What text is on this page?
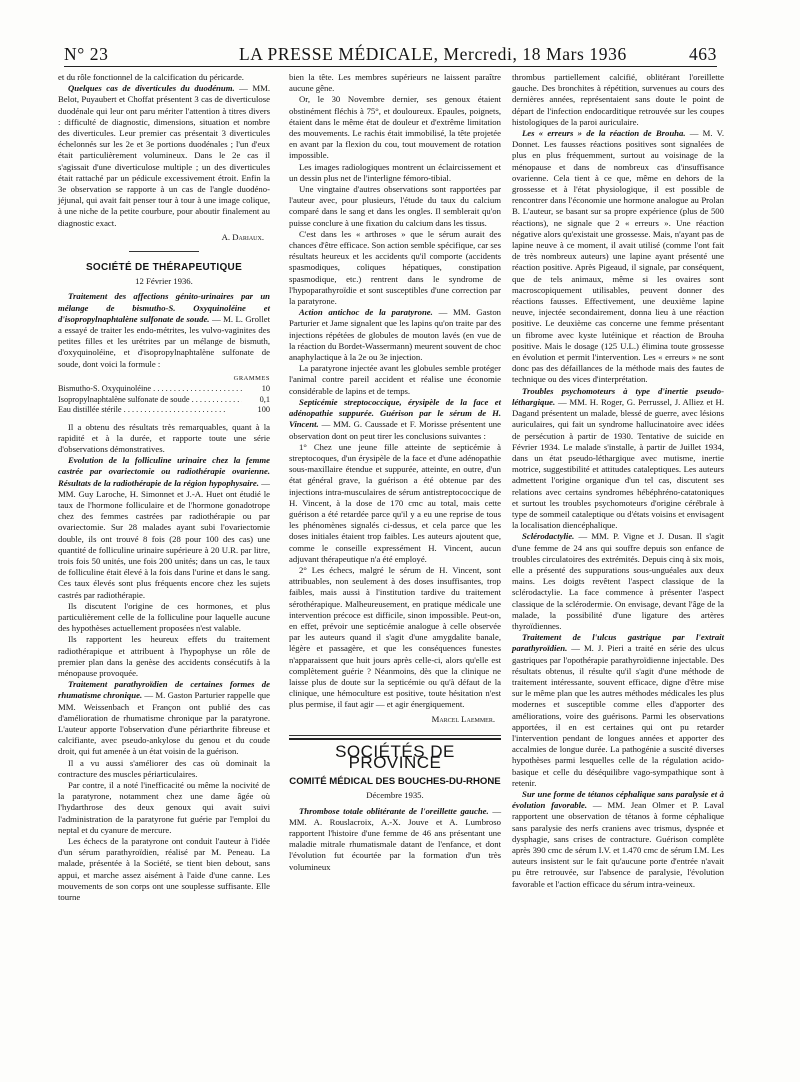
N° 23	LA PRESSE MÉDICALE, Mercredi, 18 Mars 1936	463

et du rôle fonctionnel de la calcification du péricarde.

Quelques cas de diverticules du duodénum. — MM. Belot, Puyaubert et Choffat présentent 3 cas de diverticulose duodénale qui leur ont paru mériter l'attention à titres divers : difficulté de diagnostic, dimensions, situation et nombre des diverticules. Leur premier cas présentait 3 diverticules échelonnés sur les 2e et 3e portions duodénales ; l'un d'eux était particulièrement volumineux. Dans le 2e cas il s'agissait d'une diverticulose multiple ; un des diverticules était rattaché par un pédicule excessivement étroit. Enfin la 3e observation se rapporte à un cas de l'angle duodéno-jéjunal, qui avait fait penser tour à tour à une image colique, à une niche de la petite courbure, pour aboutir finalement au diagnostic exact.

A. Dariaux.
SOCIÉTÉ DE THÉRAPEUTIQUE
12 Février 1936.

Traitement des affections génito-urinaires par un mélange de bismutho-S. Oxyquinoléine et d'isopropylnaphtalène sulfonate de soude. — M. L. Grollet a essayé de traiter les endo-métrites, les vulvo-vaginites des petites filles et les urétrites par un mélange de bismuth, d'oxyquinoléine, et d'isopropylnaphtalène sulfonate de soude, dont voici la formule :

GRAMMES
Bismutho-S. Oxyquinoléine . . .	10
Isopropylnaphtalène sulfonate de soude . . .	0,1
Eau distillée stérile . . .	100

Il a obtenu des résultats très remarquables, quant à la rapidité et à la durée, et rapporte toute une série d'observations démonstratives.

Evolution de la folliculine urinaire chez la femme castrée par ovariectomie ou radiothérapie ovarienne. Résultats de la radiothérapie de la région hypophysaire. — MM. Guy Laroche, H. Simonnet et J.-A. Huet ont étudié le taux de l'hormone folliculaire et de l'hormone gonadotrope chez des femmes castrées par radiothérapie ou par ovariectomie. Sur 28 malades ayant subi l'ovariectomie double, ils ont trouvé 8 fois (28 pour 100 des cas) une quantité de folliculine urinaire supérieure à 20 U.R. par litre, trois fois 50 unités, une fois 200 unités; dans un cas, le taux de folliculine était élevé à la fois dans l'urine et dans le sang. Ces taux élevés sont plus fréquents encore chez les sujets castrés par radiothérapie.

Ils discutent l'origine de ces hormones, et plus particulièrement celle de la folliculine pour laquelle aucune des hypothèses actuellement proposées n'est valable.

Ils rapportent les heureux effets du traitement radiothérapique et attribuent à l'hypophyse un rôle de premier plan dans la genèse des accidents consécutifs à la ménopause provoquée.

Traitement parathyroïdien de certaines formes de rhumatisme chronique. — M. Gaston Parturier rappelle que MM. Weissenbach et Françon ont publié des cas d'amélioration de rhumatisme chronique par la paratyrone. L'auteur apporte l'observation d'une périarthrite fibreuse et calcifiante, avec pseudo-ankylose du genou et du coude droit, qui fut amenée à un état voisin de la guérison.

Il a vu aussi s'améliorer des cas où dominait la contracture des muscles périarticulaires.

Par contre, il a noté l'inefficacité ou même la nocivité de la paratyrone, notamment chez une dame âgée où l'hydarthrose des deux genoux qui avait suivi l'administration de la paratyrone fut guérie par l'emploi du neptal et du cyanure de mercure.

Les échecs de la paratyrone ont conduit l'auteur à l'idée d'un sérum parathyroïdien, réalisé par M. Peneau. La malade, présentée à la Société, se tient bien debout, sans appui, et marche assez aisément à l'aide d'une canne. Les mouvements de son corps ont une souplesse suffisante. Elle tourne

bien la tête. Les membres supérieurs ne laissent paraître aucune gêne.

Or, le 30 Novembre dernier, ses genoux étaient obstinément fléchis à 75°, et douloureux. Epaules, poignets, étaient dans le même état de douleur et d'extrême limitation des mouvements. Le rachis était immobilisé, la tête projetée en avant par la flexion du cou, tout mouvement de rotation impossible.

Les images radiologiques montrent un éclaircissement et un dessin plus net de l'interligne fémoro-tibial.

Une vingtaine d'autres observations sont rapportées par l'auteur avec, pour plusieurs, l'étude du taux du calcium comparé dans le sang et dans les ongles. Il semblerait qu'on puisse conclure à une fixation du calcium dans les tissus.

C'est dans les « arthroses » que le sérum aurait des chances d'être efficace. Son action semble spécifique, car ses résultats heureux et les accidents qu'il comporte (accidents spasmodiques, coliques hépatiques, constipation spasmodique, etc.) rentrent dans le syndrome de l'hypoparathyroïdie et sont susceptibles d'une correction par la paratyrone.

Action antichoc de la paratyrone. — MM. Gaston Parturier et Jame signalent que les lapins qu'on traite par des injections répétées de globules de mouton lavés (en vue de la réaction du Bordet-Wassermann) meurent souvent de choc anaphylactique à la 2e ou 3e injection.

La paratyrone injectée avant les globules semble protéger l'animal contre pareil accident et réalise une économie considérable de lapins et de temps.

Septicémie streptococcique, érysipèle de la face et adénopathie suppurée. Guérison par le sérum de H. Vincent. — MM. G. Caussade et F. Morisse présentent une observation dont on peut tirer les conclusions suivantes :

1° Chez une jeune fille atteinte de septicémie à streptocoques, d'un érysipèle de la face et d'une adénopathie sous-maxillaire étendue et suppurée, atteinte, en outre, d'un état général grave, la guérison a été obtenue par des injections intra-musculaires de sérum antistreptococcique de H. Vincent, à la dose de 170 cmc au total, mais cette guérison a été retardée parce qu'il y a eu une reprise de tous les phénomènes signalés ci-dessus, et cela parce que les doses initiales étaient trop faibles. Les auteurs ajoutent que, comme le conseille expressément H. Vincent, aucun adjuvant thérapeutique n'a été employé.

2° Les échecs, malgré le sérum de H. Vincent, sont attribuables, non seulement à des doses insuffisantes, trop faibles, mais aussi à l'institution tardive du traitement sérothérapique. Malheureusement, en pratique médicale une intervention précoce est difficile, sinon impossible. Peut-on, en effet, prévoir une septicémie analogue à celle observée par les auteurs quand il s'agit d'une amygdalite banale, légère et passagère, et que les conséquences funestes n'apparaissent que huit jours après celle-ci, alors qu'elle est complètement guérie ? Néanmoins, dès que la clinique ne laisse plus de doute sur la septicémie ou qu'à défaut de la clinique, une hémoculture est positive, toute hésitation n'est plus permise, il faut agir — et agir énergiquement.

Marcel Laemmer.
SOCIÉTÉS DE PROVINCE
COMITÉ MÉDICAL DES BOUCHES-DU-RHONE
Décembre 1935.

Thrombose totale oblitérante de l'oreillette gauche. — MM. A. Rouslacroix, A.-X. Jouve et A. Lumbroso rapportent l'histoire d'une femme de 46 ans présentant une maladie mitrale rhumatismale datant de l'enfance, et dont l'évolution fut écourtée par la formation d'un très volumineux

thrombus partiellement calcifié, oblitérant l'oreillette gauche. Des bronchites à répétition, survenues au cours des dernières années, représentaient sans doute le point de départ de l'infection endocarditique retrouvée sur les coupes histologiques de la paroi auriculaire.

Les « erreurs » de la réaction de Brouha. — M. V. Donnet. Les fausses réactions positives sont signalées de plus en plus fréquemment, surtout au voisinage de la ménopause et dans de nombreux cas d'insuffisance ovarienne. Cela tient à ce que, même en dehors de la grossesse et à l'état physiologique, il est possible de rencontrer dans l'économie une hormone analogue au Prolan B. L'auteur, se basant sur sa propre expérience (plus de 500 réactions), ne signale que 2 « erreurs ». Une réaction négative alors qu'existait une grossesse. Mais, n'ayant pas de lapine neuve à ce moment, il avait utilisé (comme l'ont fait de très nombreux auteurs) une lapine ayant présenté une réaction positive. Après Pigeaud, il signale, par conséquent, que de tels animaux, même si les ovaires sont macroscopiquement utilisables, peuvent donner des réactions fausses. Effectivement, une deuxième lapine neuve, injectée secondairement, donna lieu à une réaction positive. Le deuxième cas concerne une femme présentant un fibrome avec kyste lutéinique et réaction de Brouha positive. Mais le dosage (125 U.L.) élimina toute grossesse en évolution et permit l'intervention. Les « erreurs » ne sont donc pas des défaillances de la méthode mais des fautes de technique ou des vices d'interprétation.

Troubles psychomoteurs à type d'inertie pseudo-léthargique. — MM. H. Roger, G. Perrussel, J. Alliez et H. Dagand présentent un malade, blessé de guerre, avec lésions auriculaires, qui fait un syndrome hallucinatoire avec idées de persécution à partir de 1930. Tentative de suicide en Février 1934. Le malade s'installe, à partir de Juillet 1934, dans un état pseudo-léthargique avec mutisme, inertie motrice, suggestibilité et attitudes cataleptiques. Les auteurs admettent l'origine organique d'un tel cas, discutent ses relations avec certains syndromes hébéphréno-catatoniques et surtout les troubles psychomoteurs d'origine cérébrale à type de sommeil cataleptique ou d'états voisins et envisagent la localisation diencéphalique.

Sclérodactylie. — MM. P. Vigne et J. Dusan. Il s'agit d'une femme de 24 ans qui souffre depuis son enfance de troubles circulatoires des extrémités. Depuis cinq à six mois, elle a présenté des suppurations sous-unguéales aux deux mains. Les doigts revêtent l'aspect classique de la sclérodactylie. La face commence à présenter l'aspect classique de la sclérodermie. On envisage, devant l'âge de la malade, la possibilité d'une ligature des artères thyroïdiennes.

Traitement de l'ulcus gastrique par l'extrait parathyroïdien. — M. J. Pieri a traité en série des ulcus gastriques par l'opothérapie parathyroïdienne injectable. Des résultats obtenus, il résulte qu'il s'agit d'une méthode de traitement intéressante, souvent efficace, digne d'être mise sur le même plan que les autres méthodes médicales les plus modernes et susceptible comme elles d'apporter des améliorations, voire des guérisons. Parmi les observations apportées, il en est certaines qui ont pu retarder l'intervention pendant de longues années et apporter des accalmies de longue durée. La pathogénie a suscité diverses hypothèses parmi lesquelles celle de la régulation acido-basique et celle du déséquilibre vago-sympathique sont à retenir.

Sur une forme de tétanos céphalique sans paralysie et à évolution favorable. — MM. Jean Olmer et P. Laval rapportent une observation de tétanos à forme céphalique sans paralysie des nerfs craniens avec trismus, dyspnée et dysphagie, sans crises de contracture. Guérison complète après 390 cmc de sérum I.V. et 1.470 cmc de sérum I.M. Les auteurs insistent sur le fait qu'aucune porte d'entrée n'avait pu être retrouvée, sur l'absence de paralysie, l'évolution favorable et l'action efficace du sérum intra-veineux.
